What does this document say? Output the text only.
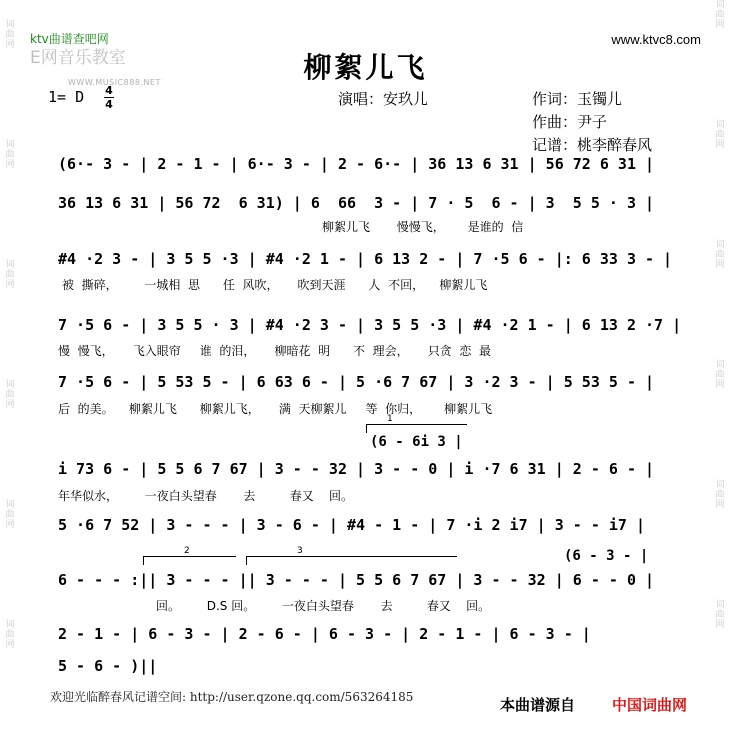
ktv曲谱查吧网
E网音乐教室
WWW.MUSIC888.NET
www.ktvc8.com
词曲网
词曲网
词曲网
词曲网
词曲网
词曲网
词曲网
词曲网
词曲网
词曲网
词曲网
词曲网
柳絮儿飞
1= D 4
4	演唱：安玖儿	作词：玉镯儿
作曲：尹子
记谱：桃李醉春风
(6·- 3 - | 2 - 1 - | 6·- 3 - | 2 - 6·- | 36 13 6 31 | 56 72 6 31 |
36 13 6 31 | 56 72  6 31) | 6  66  3 - | 7 · 5  6 - | 3  5 5 · 3 |
柳絮儿飞       慢慢飞，      是谁的  信
#4 ·2 3 - | 3 5 5 ·3 | #4 ·2 1 - | 6 13 2 - | 7 ·5 6 - |: 6 33 3 - |
被  撕碎，       一城相  思      任  风吹，     吹到天涯      人  不回，    柳絮儿飞
7 ·5 6 - | 3 5 5 · 3 | #4 ·2 3 - | 3 5 5 ·3 | #4 ·2 1 - | 6 13 2 ·7 |
慢  慢飞，     飞入眼帘     谁  的泪，     柳暗花  明      不  理会，     只贪  恋  最
7 ·5 6 - | 5 53 5 - | 6 63 6 - | 5 ·6 7 67 | 3 ·2 3 - | 5 53 5 - |
后  的美。    柳絮儿飞      柳絮儿飞，     满  天柳絮儿     等  你归，      柳絮儿飞
1
(6 - 6i 3 |
i 73 6 - | 5 5 6 7 67 | 3 - - 32 | 3 - - 0 | i ·7 6 31 | 2 - 6 - |
年华似水，       一夜白头望春       去         春又    回。
5 ·6 7 52 | 3 - - - | 3 - 6 - | #4 - 1 - | 7 ·i 2 i7 | 3 - - i7 |
2	3	(6 - 3 - |
6 - - - :|| 3 - - - || 3 - - - | 5 5 6 7 67 | 3 - - 32 | 6 - - 0 |
回。       D.S 回。       一夜白头望春       去         春又    回。
2 - 1 - | 6 - 3 - | 2 - 6 - | 6 - 3 - | 2 - 1 - | 6 - 3 - |
5 - 6 - )||
欢迎光临醉春风记谱空间: http://user.qzone.qq.com/563264185	本曲谱源自 中国词曲网
